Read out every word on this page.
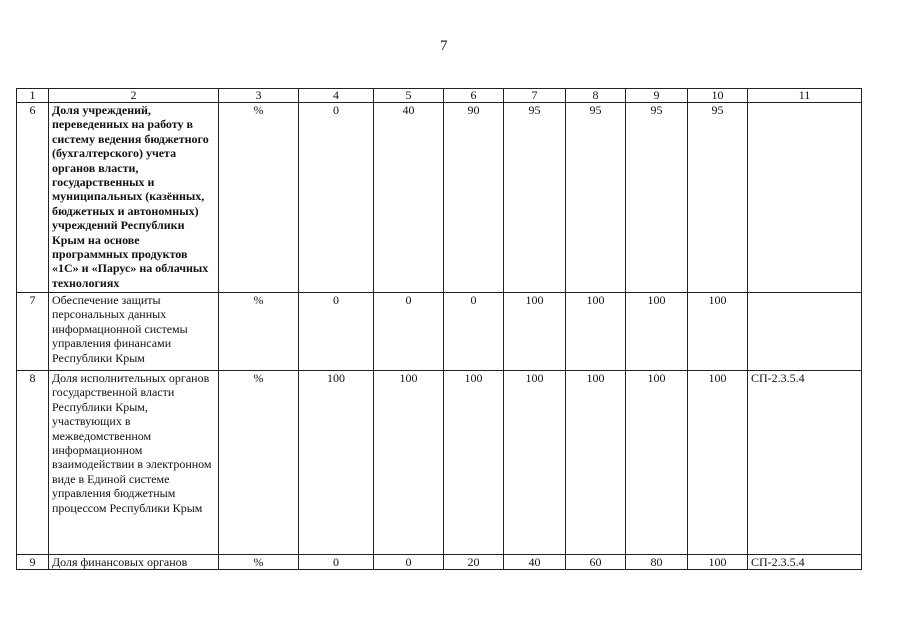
7
1	2	3	4	5	6	7	8	9	10	11
6	Доля учреждений, переведенных на работу в систему ведения бюджетного (бухгалтерского) учета органов власти, государственных и муниципальных (казённых, бюджетных и автономных) учреждений Республики Крым на основе программных продуктов «1С» и «Парус» на облачных технологиях	%	0	40	90	95	95	95	95	
7	Обеспечение защиты персональных данных информационной системы управления финансами Республики Крым	%	0	0	0	100	100	100	100	
8	Доля исполнительных органов государственной власти Республики Крым, участвующих в межведомственном информационном взаимодействии в электронном виде в Единой системе управления бюджетным процессом Республики Крым	%	100	100	100	100	100	100	100	СП-2.3.5.4
9	Доля финансовых органов	%	0	0	20	40	60	80	100	СП-2.3.5.4
